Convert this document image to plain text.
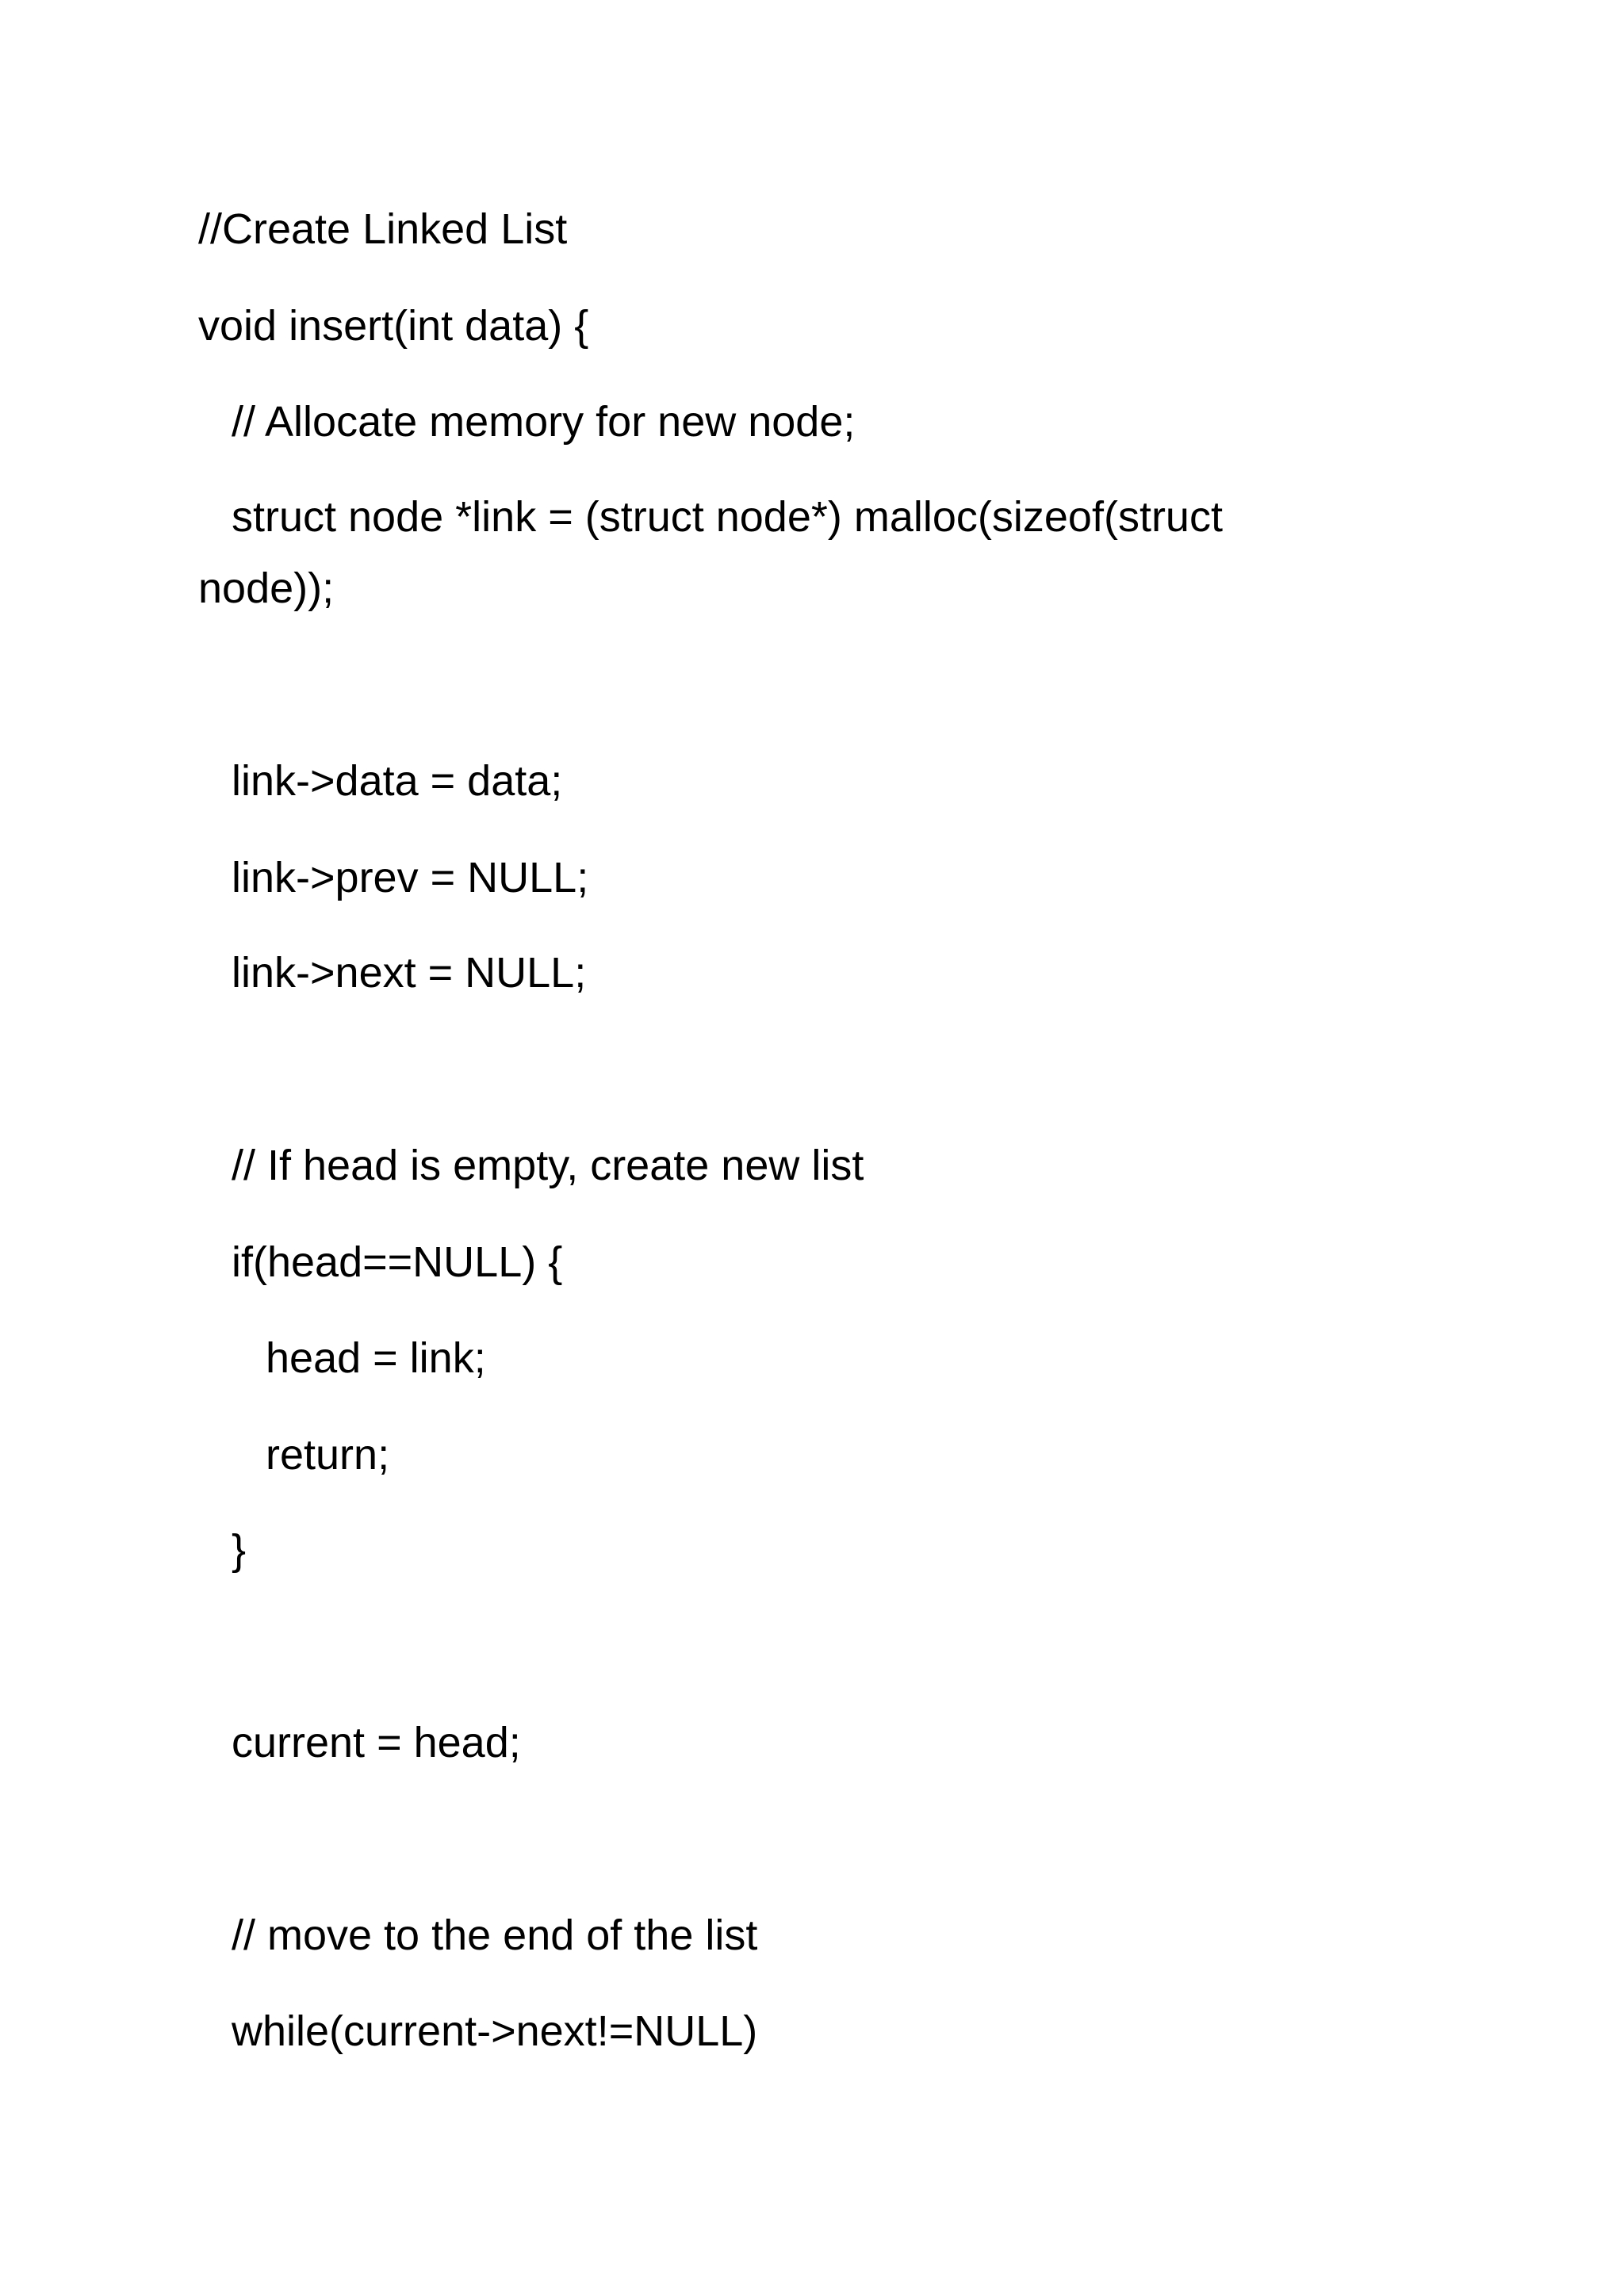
//Create Linked List
void insert(int data) {
// Allocate memory for new node;
struct node *link = (struct node*) malloc(sizeof(struct
node));
link->data = data;
link->prev = NULL;
link->next = NULL;
// If head is empty, create new list
if(head==NULL) {
head = link;
return;
}
current = head;
// move to the end of the list
while(current->next!=NULL)
